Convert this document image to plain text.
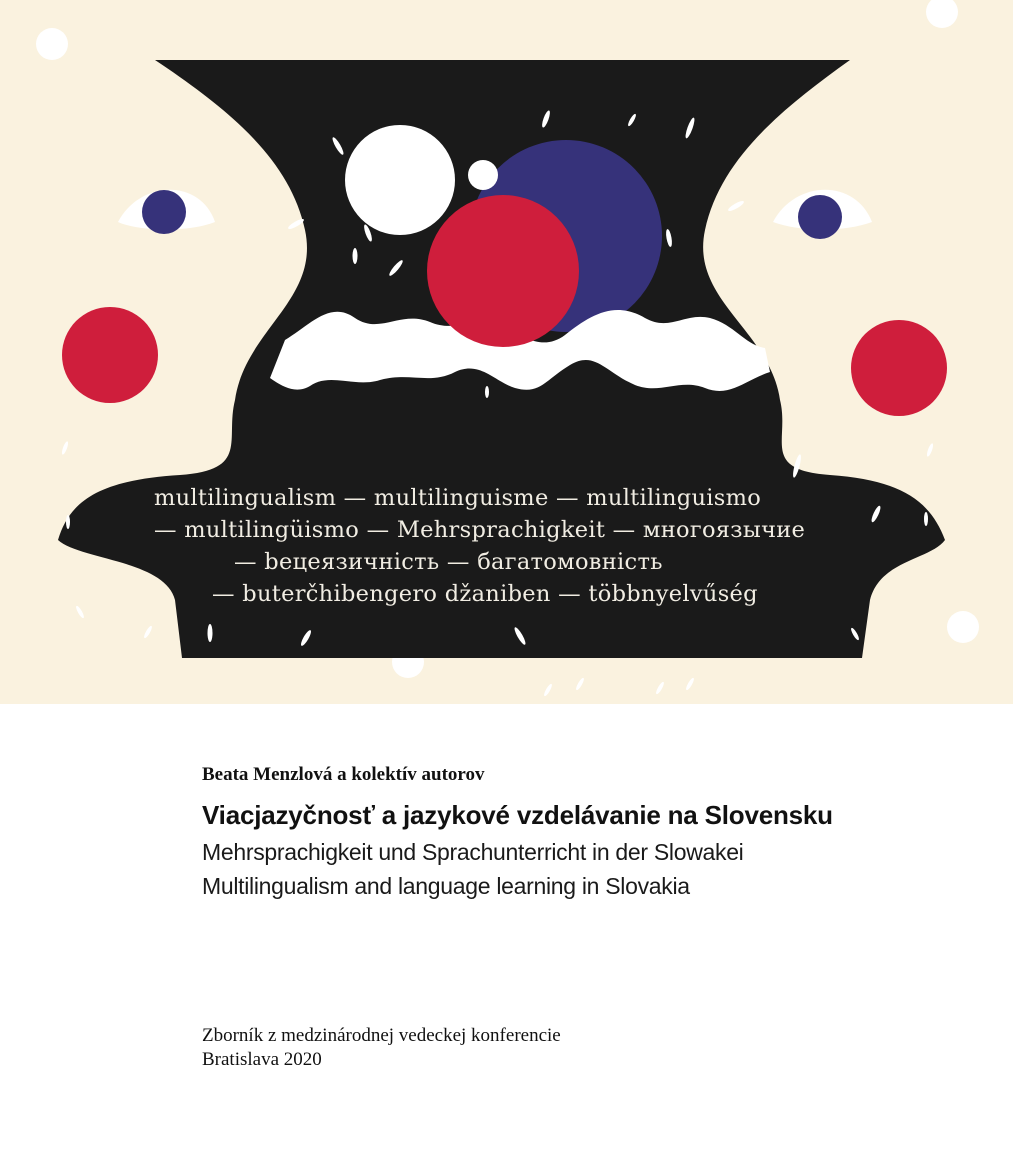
multilingualism — multilinguisme — multilinguismo
— multilingüismo — Mehrsprachigkeit — многоязычие
— bецеязичність — багатомовність
— buterčhibengero džaniben — többnyelvűség

Beata Menzlová a kolektív autorov

Viacjazyčnosť a jazykové vzdelávanie na Slovensku

Mehrsprachigkeit und Sprachunterricht in der Slowakei

Multilingualism and language learning in Slovakia

Zborník z medzinárodnej vedeckej konferencie
Bratislava 2020
